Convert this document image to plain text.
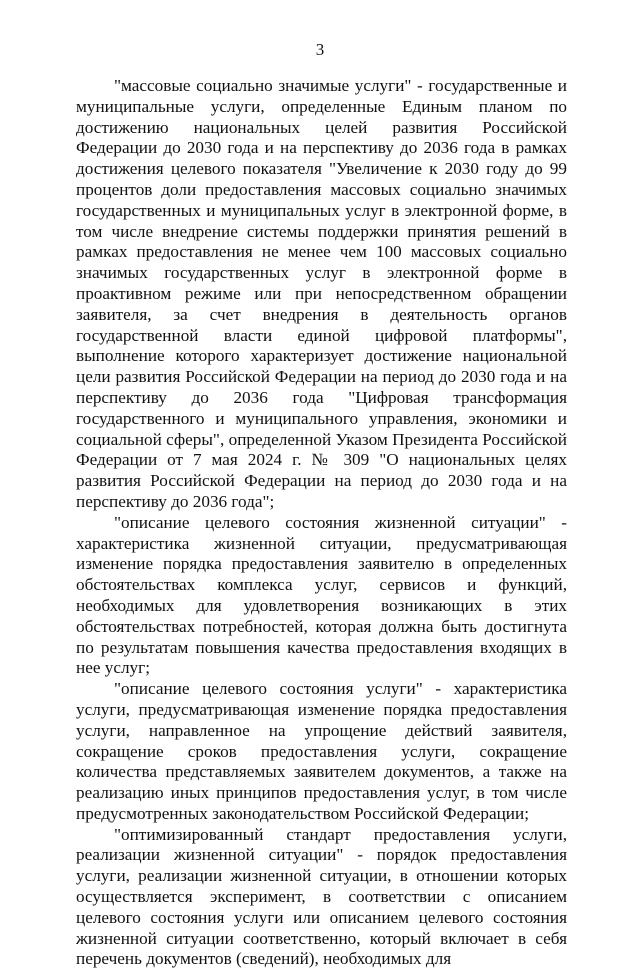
3

"массовые социально значимые услуги" - государственные и муниципальные услуги, определенные Единым планом по достижению национальных целей развития Российской Федерации до 2030 года и на перспективу до 2036 года в рамках достижения целевого показателя "Увеличение к 2030 году до 99 процентов доли предоставления массовых социально значимых государственных и муниципальных услуг в электронной форме, в том числе внедрение системы поддержки принятия решений в рамках предоставления не менее чем 100 массовых социально значимых государственных услуг в электронной форме в проактивном режиме или при непосредственном обращении заявителя, за счет внедрения в деятельность органов государственной власти единой цифровой платформы", выполнение которого характеризует достижение национальной цели развития Российской Федерации на период до 2030 года и на перспективу до 2036 года "Цифровая трансформация государственного и муниципального управления, экономики и социальной сферы", определенной Указом Президента Российской Федерации от 7 мая 2024 г. № 309 "О национальных целях развития Российской Федерации на период до 2030 года и на перспективу до 2036 года";

"описание целевого состояния жизненной ситуации" - характеристика жизненной ситуации, предусматривающая изменение порядка предоставления заявителю в определенных обстоятельствах комплекса услуг, сервисов и функций, необходимых для удовлетворения возникающих в этих обстоятельствах потребностей, которая должна быть достигнута по результатам повышения качества предоставления входящих в нее услуг;

"описание целевого состояния услуги" - характеристика услуги, предусматривающая изменение порядка предоставления услуги, направленное на упрощение действий заявителя, сокращение сроков предоставления услуги, сокращение количества представляемых заявителем документов, а также на реализацию иных принципов предоставления услуг, в том числе предусмотренных законодательством Российской Федерации;

"оптимизированный стандарт предоставления услуги, реализации жизненной ситуации" - порядок предоставления услуги, реализации жизненной ситуации, в отношении которых осуществляется эксперимент, в соответствии с описанием целевого состояния услуги или описанием целевого состояния жизненной ситуации соответственно, который включает в себя перечень документов (сведений), необходимых для
